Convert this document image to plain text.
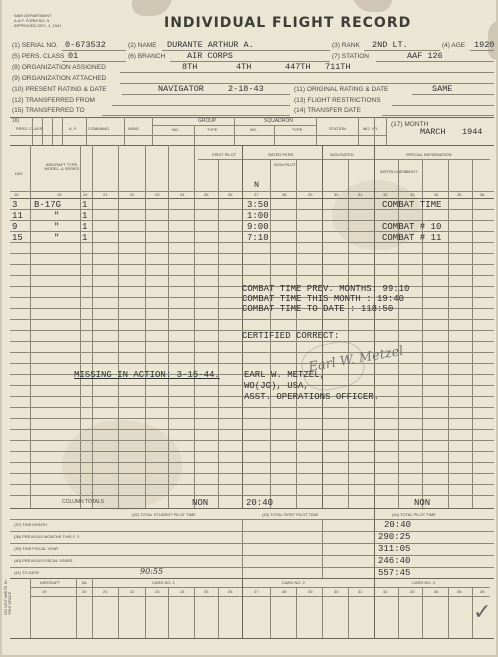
WAR DEPARTMENT
A.A.F. FORM NO. 5
APPROVED DEC. 1, 1941	INDIVIDUAL FLIGHT RECORD
(1) SERIAL NO. 0-673532	(2) NAME DURANTE ARTHUR A.	(3) RANK 2ND LT.	(4) AGE 1920
(5) PERS. CLASS 01	(6) BRANCH	AIR CORPS	(7) STATION	AAF 126
(8) ORGANIZATION ASSIGNED	8TH	4TH	447TH 711TH
(9) ORGANIZATION ATTACHED
(10) PRESENT RATING & DATE	NAVIGATOR	2-18-43	(11) ORIGINAL RATING & DATE	SAME
(12) TRANSFERRED FROM	(13) FLIGHT RESTRICTIONS
(15) TRANSFERRED TO	(14) TRANSFER DATE
16)	GROUP	SQUADRON
PERS. CLASS	A. F.	COMMAND	WING	NO.	TYPE	NO.	TYPE	STATION	MO. YR.
(17) MONTH
MARCH 1944
FIRST PILOT	RATED PERS.	NON-RATED	SPECIAL INFORMATION
NON-PILOT
DAY
AIRCRAFT TYPE, MODEL, & SERIES
INSTRU-MENT
NIGHT
N
18	19	20	21	22	23	24	25	26	27	28	29	30	31	32	33	34	35	36
3 B-17G 1	3:50	COMBAT TIME
11	"	1	1:00
9	"	1	9:00	COMBAT # 10
15	"	1	7:10	COMBAT # 11
COMBAT TIME PREV. MONTHS: 99:10
COMBAT TIME THIS MONTH : 19:40
COMBAT TIME TO DATE : 118:50
CERTIFIED CORRECT:
Earl W. Metzel
MISSING IN ACTION: 3-15-44.	EARL W. METZEL,
WO(JG), USA,
ASST. OPERATIONS OFFICER.
COLUMN TOTALS	NON	20:40	NON
(42) TOTAL STUDENT PILOT TIME	(43) TOTAL FIRST PILOT TIME	(44) TOTAL PILOT TIME
(37) THIS MONTH	20:40
(38) PREVIOUS MONTHS THIS F. Y.	290:25
(39) THIS FISCAL YEAR	311:05
(40) PREVIOUS FISCAL YEARS	246:40
(41) TO DATE	90:55	557:45
AIRCRAFT	NL	CARD NO. 1	CARD NO. 2	CARD NO. 3
19	20	21	22	23	24	25	26	27	28	29	30	31	32	33	34	35	36
DO NOT WRITE IN THIS SPACE	✓
